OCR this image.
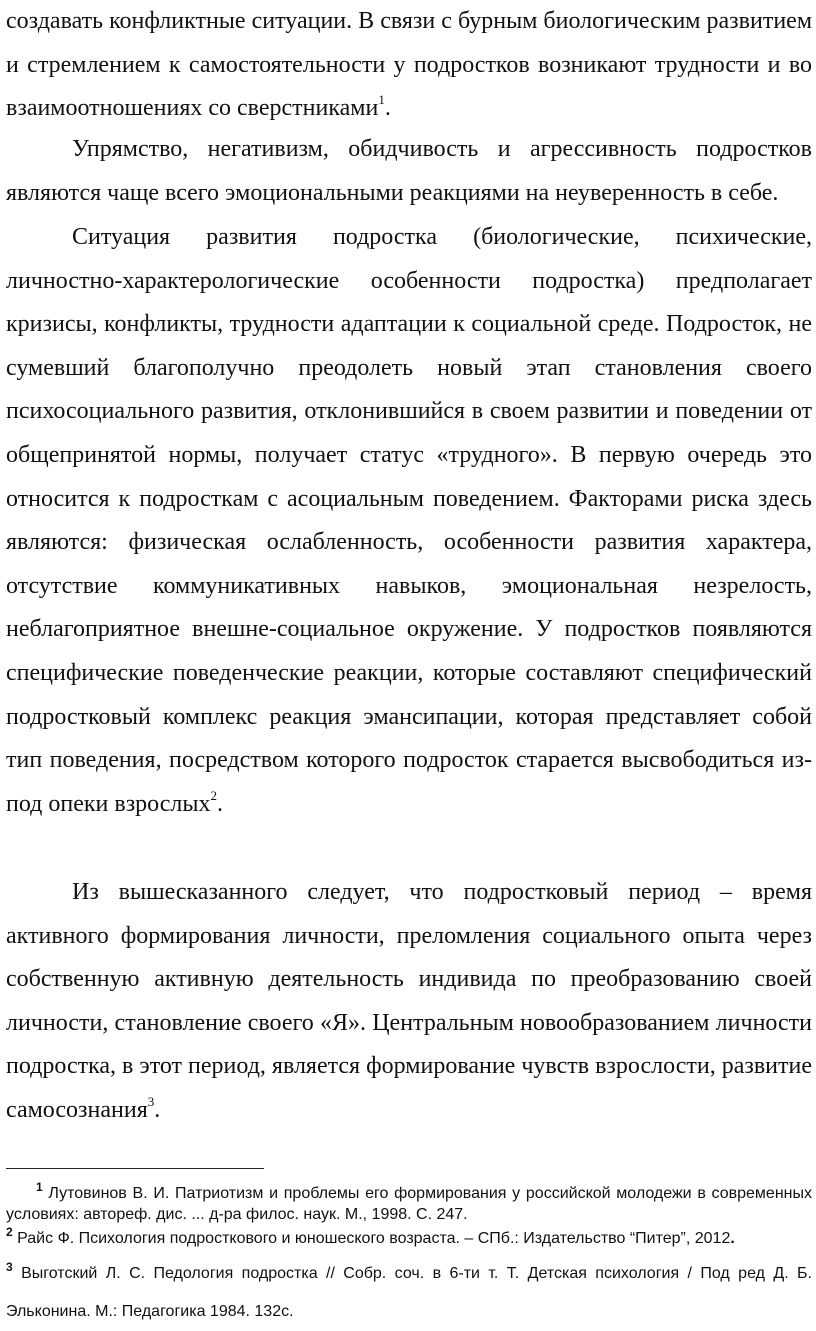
создавать конфликтные ситуации. В связи с бурным биологическим развитием и стремлением к самостоятельности у подростков возникают трудности и во взаимоотношениях со сверстниками$^1$.

Упрямство, негативизм, обидчивость и агрессивность подростков являются чаще всего эмоциональными реакциями на неуверенность в себе.

Ситуация развития подростка (биологические, психические, личностно-характерологические особенности подростка) предполагает кризисы, конфликты, трудности адаптации к социальной среде. Подросток, не сумевший благополучно преодолеть новый этап становления своего психосоциального развития, отклонившийся в своем развитии и поведении от общепринятой нормы, получает статус «трудного». В первую очередь это относится к подросткам с асоциальным поведением. Факторами риска здесь являются: физическая ослабленность, особенности развития характера, отсутствие коммуникативных навыков, эмоциональная незрелость, неблагоприятное внешне-социальное окружение. У подростков появляются специфические поведенческие реакции, которые составляют специфический подростковый комплекс реакция эмансипации, которая представляет собой тип поведения, посредством которого подросток старается высвободиться из-под опеки взрослых$^2$.

Из вышесказанного следует, что подростковый период – время активного формирования личности, преломления социального опыта через собственную активную деятельность индивида по преобразованию своей личности, становление своего «Я». Центральным новообразованием личности подростка, в этот период, является формирование чувств взрослости, развитие самосознания$^3$.

$^1$ Лутовинов В. И. Патриотизм и проблемы его формирования у российской молодежи в современных условиях: автореф. дис. ... д-ра филос. наук. М., 1998. С. 247.

$^2$ Райс Ф. Психология подросткового и юношеского возраста. – СПб.: Издательство “Питер”, 2012.

$^3$ Выготский Л. С. Педология подростка // Собр. соч. в 6-ти т. Т. Детская психология / Под ред Д. Б. Эльконина. М.: Педагогика 1984. 132с.
